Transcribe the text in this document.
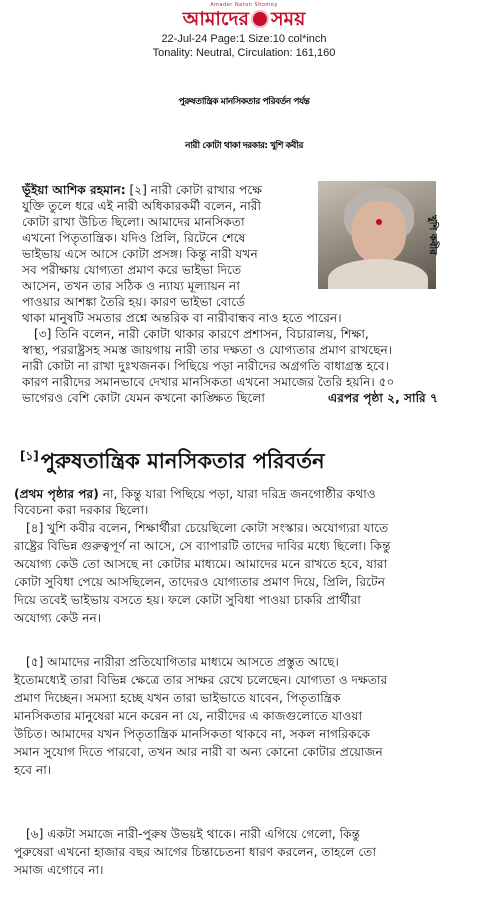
Amader Naton Shomoy
আমাদের সময়
22-Jul-24 Page:1 Size:10 col*inch
Tonality: Neutral, Circulation: 161,160
পুরুষতান্ত্রিক মানসিকতার পরিবর্তন পর্যন্ত
নারী কোটা থাকা দরকার: খুশি কবীর
খুশি কবীর
ভূঁইয়া আশিক রহমান: [২] নারী কোটা রাখার পক্ষে
যুক্তি তুলে ধরে এই নারী অধিকারকর্মী বলেন, নারী
কোটা রাখা উচিত ছিলো। আমাদের মানসিকতা
এখনো পিতৃতান্ত্রিক। যদিও প্রিলি, রিটেনে শেষে
ভাইভায় এসে আসে কোটা প্রসঙ্গ। কিন্তু নারী যখন
সব পরীক্ষায় যোগ্যতা প্রমাণ করে ভাইভা দিতে
আসেন, তখন তার সঠিক ও ন্যায্য মূল্যায়ন না
পাওয়ার আশঙ্কা তৈরি হয়। কারণ ভাইভা বোর্ডে
থাকা মানুষটি সমতার প্রশ্নে অন্তরিক বা নারীবান্ধব নাও হতে পারেন।
[৩] তিনি বলেন, নারী কোটা থাকার কারণে প্রশাসন, বিচারালয়, শিক্ষা,
স্বাস্থ্য, পররাষ্ট্রসহ সমস্ত জায়গায় নারী তার দক্ষতা ও যোগ্যতার প্রমাণ রাখছেন।
নারী কোটা না রাখা দুঃখজনক। পিছিয়ে পড়া নারীদের অগ্রগতি বাধাগ্রস্ত হবে।
কারণ নারীদের সমানভাবে দেখার মানসিকতা এখনো সমাজের তৈরি হয়নি। ৫০
ভাগেরও বেশি কোটা যেমন কখনো কাঙ্ক্ষিত ছিলো	এরপর পৃষ্ঠা ২, সারি ৭
[১]পুরুষতান্ত্রিক মানসিকতার পরিবর্তন
(প্রথম পৃষ্ঠার পর) না, কিন্তু যারা পিছিয়ে পড়া, যারা দরিদ্র জনগোষ্ঠীর কথাও
বিবেচনা করা দরকার ছিলো।
[৪] খুশি কবীর বলেন, শিক্ষার্থীরা চেয়েছিলো কোটা সংস্কার। অযোগ্যরা যাতে
রাষ্ট্রের বিভিন্ন গুরুত্বপূর্ণ না আসে, সে ব্যাপারটি তাদের দাবির মধ্যে ছিলো। কিন্তু
অযোগ্য কেউ তো আসছে না কোটার মাধ্যমে। আমাদের মনে রাখতে হবে, যারা
কোটা সুবিধা পেয়ে আসছিলেন, তাদেরও যোগ্যতার প্রমাণ দিয়ে, প্রিলি, রিটেন
দিয়ে তবেই ভাইভায় বসতে হয়। ফলে কোটা সুবিধা পাওয়া চাকরি প্রার্থীরা
অযোগ্য কেউ নন।
[৫] আমাদের নারীরা প্রতিযোগিতার মাধ্যমে আসতে প্রস্তুত আছে।
ইতোমধ্যেই তারা বিভিন্ন ক্ষেত্রে তার সাক্ষর রেখে চলেছেন। যোগ্যতা ও দক্ষতার
প্রমাণ দিচ্ছেন। সমস্যা হচ্ছে যখন তারা ভাইভাতে যাবেন, পিতৃতান্ত্রিক
মানসিকতার মানুষেরা মনে করেন না যে, নারীদের এ কাজগুলোতে যাওয়া
উচিত। আমাদের যখন পিতৃতান্ত্রিক মানসিকতা থাকবে না, সকল নাগরিককে
সমান সুযোগ দিতে পারবো, তখন আর নারী বা অন্য কোনো কোটার প্রয়োজন
হবে না।
[৬] একটা সমাজে নারী-পুরুষ উভয়ই থাকে। নারী এগিয়ে গেলো, কিন্তু
পুরুষেরা এখনো হাজার বছর আগের চিন্তাচেতনা ধারণ করলেন, তাহলে তো
সমাজ এগোবে না।
